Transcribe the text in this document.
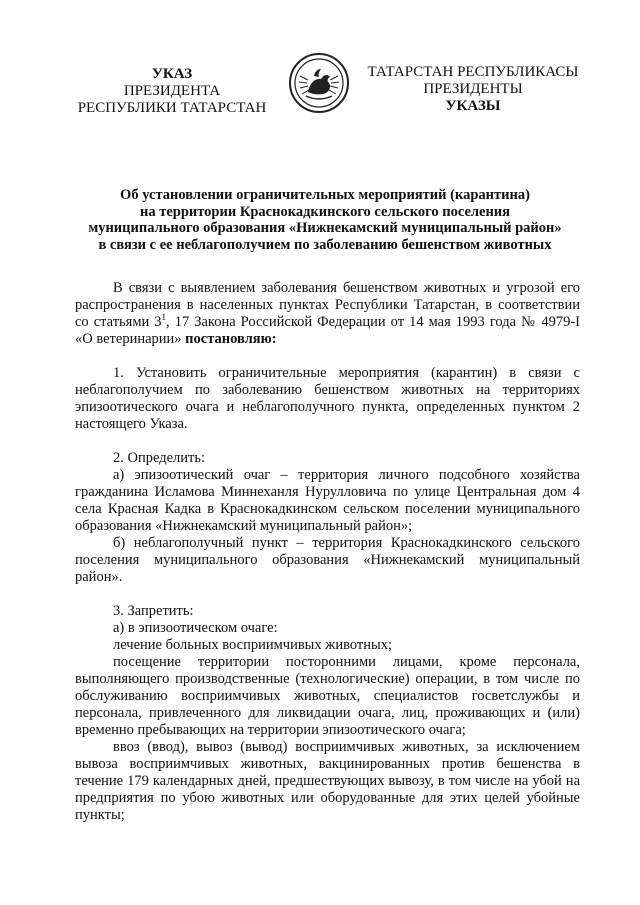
УКАЗ
ПРЕЗИДЕНТА
РЕСПУБЛИКИ ТАТАРСТАН
ТАТАРСТАН РЕСПУБЛИКАСЫ
ПРЕЗИДЕНТЫ
УКАЗЫ
Об установлении ограничительных мероприятий (карантина)
на территории Краснокадкинского сельского поселения
муниципального образования «Нижнекамский муниципальный район»
в связи с ее неблагополучием по заболеванию бешенством животных

В связи с выявлением заболевания бешенством животных и угрозой его распространения в населенных пунктах Республики Татарстан, в соответствии со статьями $3^1$, 17 Закона Российской Федерации от 14 мая 1993 года № 4979-I «О ветеринарии» постановляю:

1. Установить ограничительные мероприятия (карантин) в связи с неблагополучием по заболеванию бешенством животных на территориях эпизоотического очага и неблагополучного пункта, определенных пунктом 2 настоящего Указа.

2. Определить:

а) эпизоотический очаг – территория личного подсобного хозяйства гражданина Исламова Миннеханля Нурулловича по улице Центральная дом 4 села Красная Кадка в Краснокадкинском сельском поселении муниципального образования «Нижнекамский муниципальный район»;

б) неблагополучный пункт – территория Краснокадкинского сельского поселения муниципального образования «Нижнекамский муниципальный район».

3. Запретить:

а) в эпизоотическом очаге:

лечение больных восприимчивых животных;

посещение территории посторонними лицами, кроме персонала, выполняющего производственные (технологические) операции, в том числе по обслуживанию восприимчивых животных, специалистов госветслужбы и персонала, привлеченного для ликвидации очага, лиц, проживающих и (или) временно пребывающих на территории эпизоотического очага;

ввоз (ввод), вывоз (вывод) восприимчивых животных, за исключением вывоза восприимчивых животных, вакцинированных против бешенства в течение 179 календарных дней, предшествующих вывозу, в том числе на убой на предприятия по убою животных или оборудованные для этих целей убойные пункты;
